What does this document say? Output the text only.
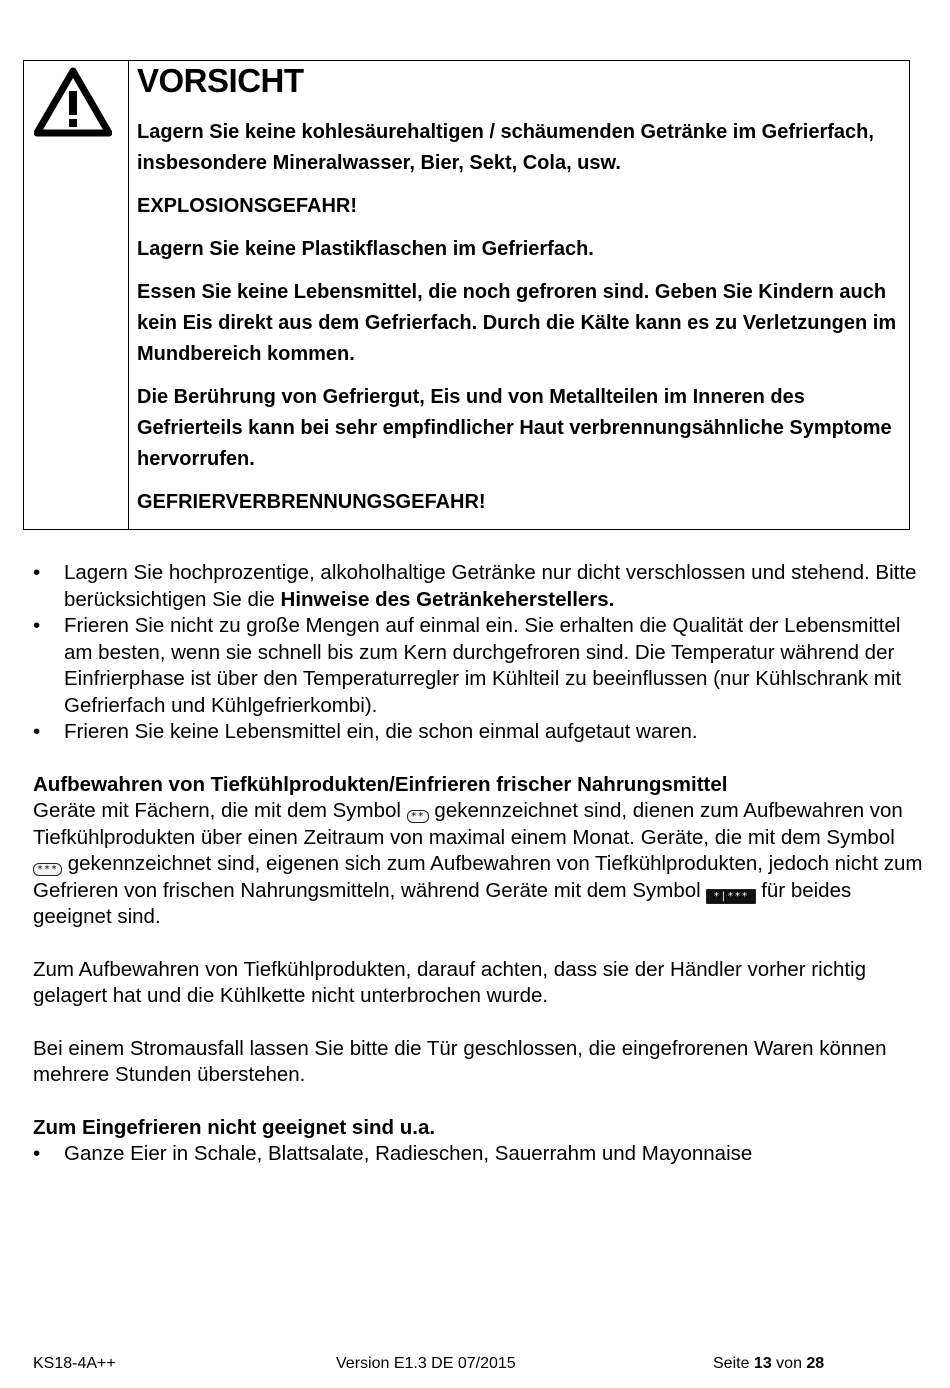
VORSICHT

Lagern Sie keine kohlesäurehaltigen / schäumenden Getränke im Gefrierfach, insbesondere Mineralwasser, Bier, Sekt, Cola, usw.

EXPLOSIONSGEFAHR!

Lagern Sie keine Plastikflaschen im Gefrierfach.

Essen Sie keine Lebensmittel, die noch gefroren sind. Geben Sie Kindern auch kein Eis direkt aus dem Gefrierfach. Durch die Kälte kann es zu Verletzungen im Mundbereich kommen.

Die Berührung von Gefriergut, Eis und von Metallteilen im Inneren des Gefrierteils kann bei sehr empfindlicher Haut verbrennungsähnliche Symptome hervorrufen.

GEFRIERVERBRENNUNGSGEFAHR!

• Lagern Sie hochprozentige, alkoholhaltige Getränke nur dicht verschlossen und stehend. Bitte berücksichtigen Sie die Hinweise des Getränkeherstellers.
• Frieren Sie nicht zu große Mengen auf einmal ein. Sie erhalten die Qualität der Lebensmittel am besten, wenn sie schnell bis zum Kern durchgefroren sind. Die Temperatur während der Einfrierphase ist über den Temperaturregler im Kühlteil zu beeinflussen (nur Kühlschrank mit Gefrierfach und Kühlgefrierkombi).
• Frieren Sie keine Lebensmittel ein, die schon einmal aufgetaut waren.

Aufbewahren von Tiefkühlprodukten/Einfrieren frischer Nahrungsmittel
Geräte mit Fächern, die mit dem Symbol ** gekennzeichnet sind, dienen zum Aufbewahren von Tiefkühlprodukten über einen Zeitraum von maximal einem Monat. Geräte, die mit dem Symbol *** gekennzeichnet sind, eigenen sich zum Aufbewahren von Tiefkühlprodukten, jedoch nicht zum Gefrieren von frischen Nahrungsmitteln, während Geräte mit dem Symbol *|*** für beides geeignet sind.

Zum Aufbewahren von Tiefkühlprodukten, darauf achten, dass sie der Händler vorher richtig gelagert hat und die Kühlkette nicht unterbrochen wurde.

Bei einem Stromausfall lassen Sie bitte die Tür geschlossen, die eingefrorenen Waren können mehrere Stunden überstehen.

Zum Eingefrieren nicht geeignet sind u.a.

• Ganze Eier in Schale, Blattsalate, Radieschen, Sauerrahm und Mayonnaise
KS18-4A++	Version E1.3 DE 07/2015	Seite 13 von 28
